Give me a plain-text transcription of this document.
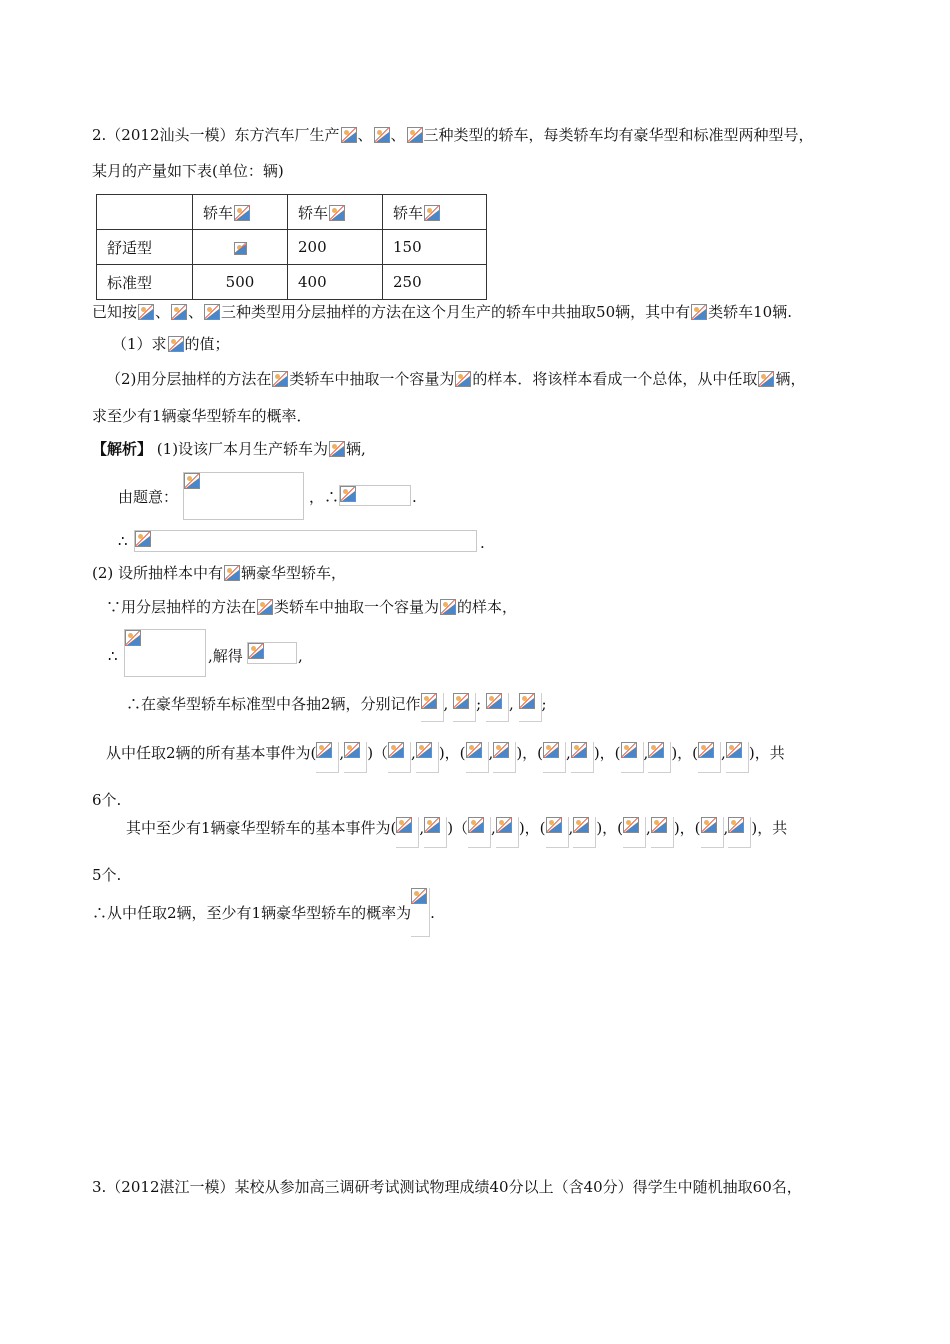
2.（2012汕头一模）东方汽车厂生产 、 、 三种类型的轿车，每类轿车均有豪华型和标准型两种型号，
某月的产量如下表(单位：辆)
	轿车	轿车	轿车
舒适型		200	150
标准型	500	400	250
已知按 、 、 三种类型用分层抽样的方法在这个月生产的轿车中共抽取50辆，其中有 类轿车10辆.
（1）求 的值；
（2)用分层抽样的方法在 类轿车中抽取一个容量为 的样本．将该样本看成一个总体，从中任取 辆，
求至少有1辆豪华型轿车的概率．
【解析】 (1)设该厂本月生产轿车为 辆,
由题意：	，∴	.
∴	.
(2) 设所抽样本中有 辆豪华型轿车，
∵用分层抽样的方法在 类轿车中抽取一个容量为 的样本，
∴	,解得	,
∴在豪华型轿车标准型中各抽2辆，分别记作 , ; , ;
从中任取2辆的所有基本事件为( , )（ , )，( , )，( , )，( , )，( , )，共
6个.
其中至少有1辆豪华型轿车的基本事件为( , )（ , )，( , )，( , )，( , )，共
5个.
∴从中任取2辆，至少有1辆豪华型轿车的概率为 .
3.（2012湛江一模）某校从参加高三调研考试测试物理成绩40分以上（含40分）得学生中随机抽取60名，
